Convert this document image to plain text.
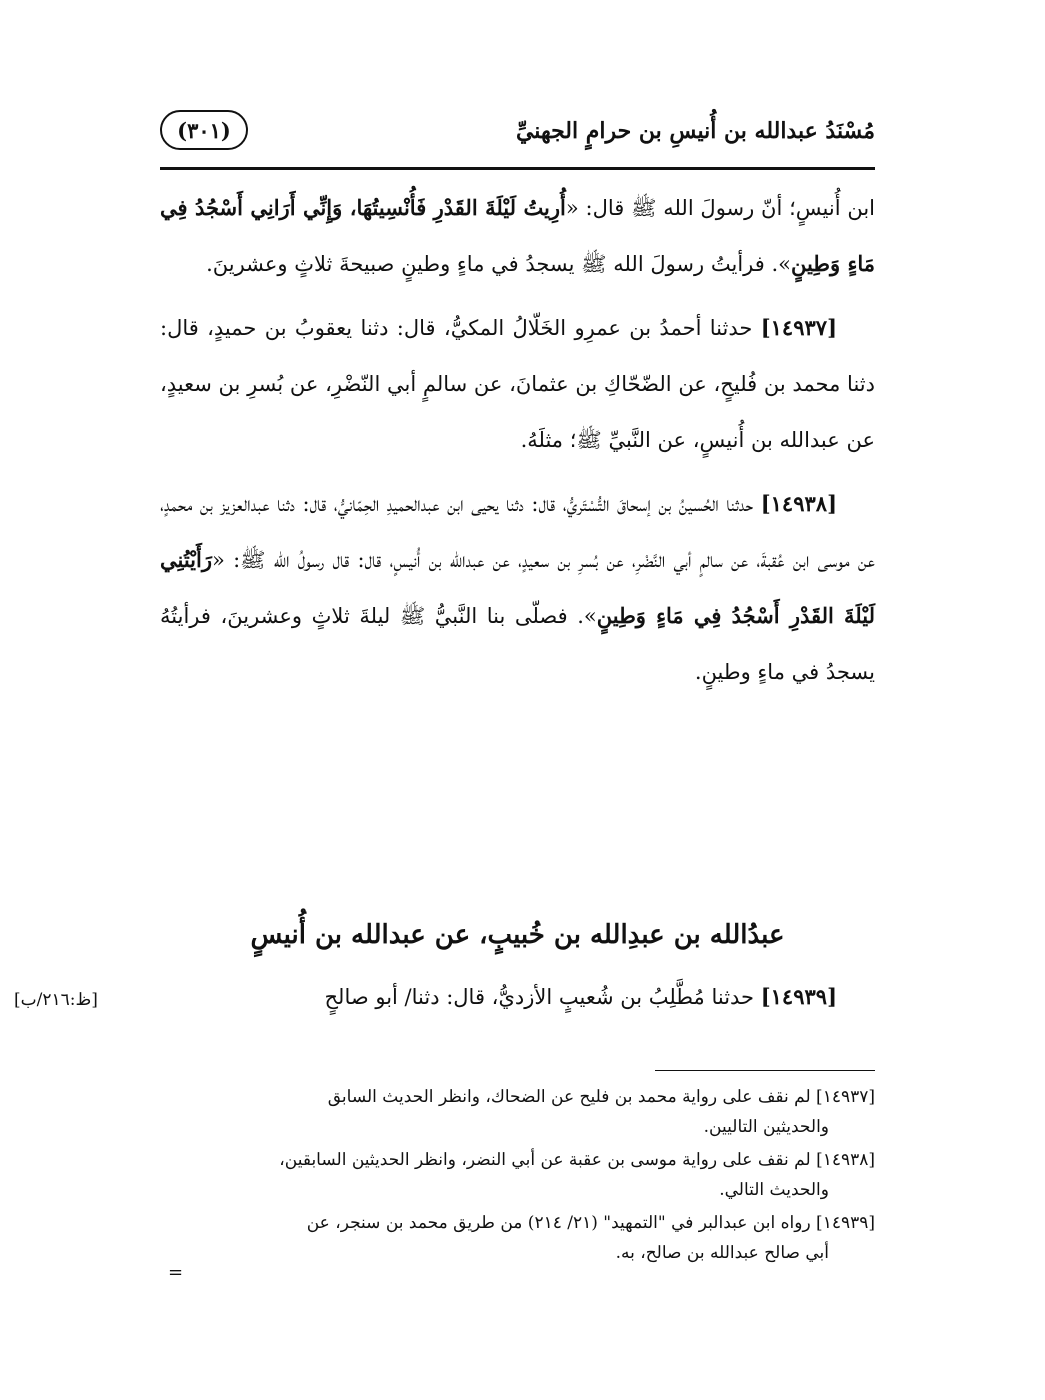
مُسْنَدُ عبدالله بن أُنيسِ بن حرامٍ الجهنيِّ
(٣٠١)

ابن أُنيسٍ؛ أنّ رسولَ الله ﷺ قال: «أُرِيتُ لَيْلَةَ القَدْرِ فَأُنْسِيتُهَا، وَإِنِّي أَرَانِي أَسْجُدُ فِي مَاءٍ وَطِينٍ». فرأيتُ رسولَ الله ﷺ يسجدُ في ماءٍ وطينٍ صبيحةَ ثلاثٍ وعشرينَ.

[١٤٩٣٧] حدثنا أحمدُ بن عمرِو الخَلّالُ المكيُّ، قال: دثنا يعقوبُ بن حميدٍ، قال: دثنا محمد بن فُليحٍ، عن الضّحّاكِ بن عثمانَ، عن سالمٍ أبي النّضْرِ، عن بُسرِ بن سعيدٍ، عن عبدالله بن أُنيسٍ، عن النَّبيِّ ﷺ؛ مثلَهُ.

[١٤٩٣٨] حدثنا الحُسينُ بن إسحاقَ التُّسْتَريُّ، قال: دثنا يحيى ابن عبدالحميدِ الحِمّانيُّ، قال: دثنا عبدالعزيز بن محمدٍ، عن موسى ابن عُقبةَ، عن سالمٍ أبي النَّضْرِ، عن بُسرِ بن سعيدٍ، عن عبدالله بن أُنيسٍ، قال: قال رسولُ الله ﷺ: «رَأَيْتُنِي لَيْلَةَ القَدْرِ أَسْجُدُ فِي مَاءٍ وَطِينٍ». فصلّى بنا النَّبيُّ ﷺ ليلةَ ثلاثٍ وعشرينَ، فرأيتُهُ يسجدُ في ماءٍ وطينٍ.

عبدُالله بن عبدِالله بن خُبيبٍ، عن عبدالله بن أُنيسٍ
[١٤٩٣٩] حدثنا مُطَّلِبُ بن شُعيبٍ الأزديُّ، قال: دثنا/ أبو صالحٍ
[ظ:٢١٦/ب]

[١٤٩٣٧] لم نقف على رواية محمد بن فليح عن الضحاك، وانظر الحديث السابق
والحديثين التاليين.

[١٤٩٣٨] لم نقف على رواية موسى بن عقبة عن أبي النضر، وانظر الحديثين السابقين،
والحديث التالي.

[١٤٩٣٩] رواه ابن عبدالبر في "التمهيد" (٢١/ ٢١٤) من طريق محمد بن سنجر، عن
أبي صالح عبدالله بن صالح، به.

=
